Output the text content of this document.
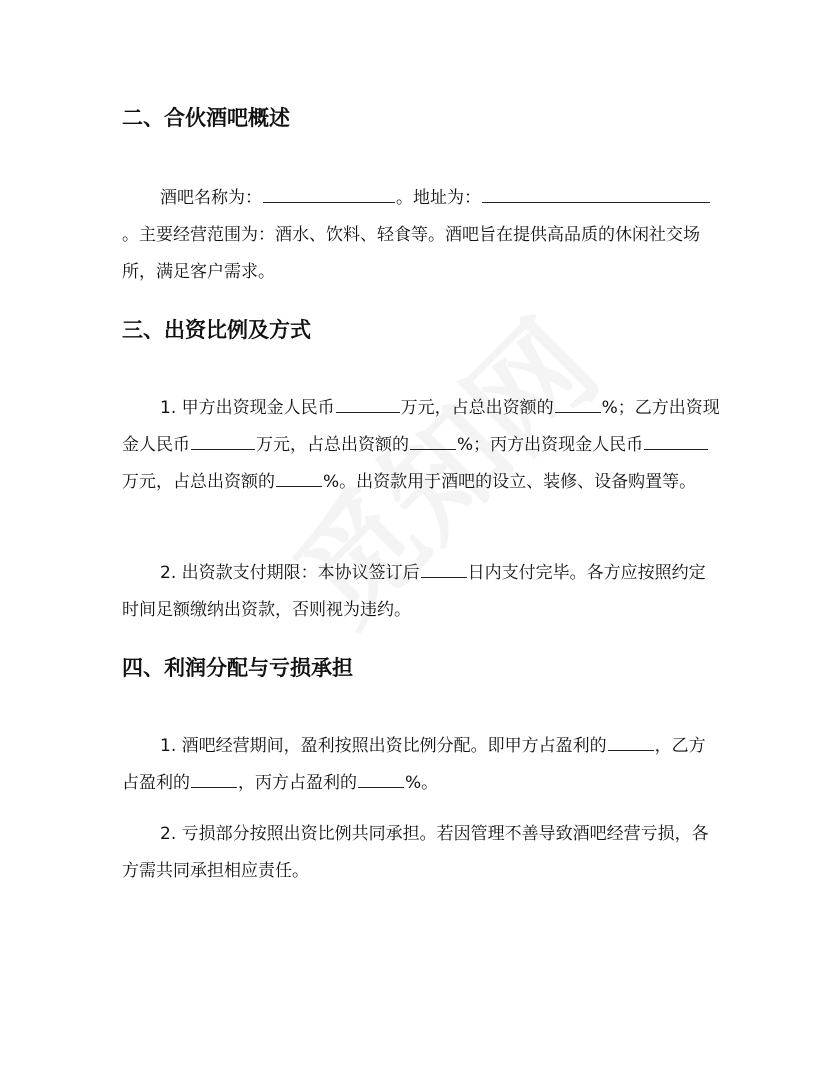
二、合伙酒吧概述

酒吧名称为：	。地址为：。主要经营范围为：酒水、饮料、轻食等。酒吧旨在提供高品质的休闲社交场所，满足客户需求。

三、出资比例及方式

1. 甲方出资现金人民币	万元，占总出资额的	%；乙方出资现金人民币	万元，占总出资额的	%；丙方出资现金人民币万元，占总出资额的	%。出资款用于酒吧的设立、装修、设备购置等。

2. 出资款支付期限：本协议签订后	日内支付完毕。各方应按照约定时间足额缴纳出资款，否则视为违约。

四、利润分配与亏损承担

1. 酒吧经营期间，盈利按照出资比例分配。即甲方占盈利的	，乙方占盈利的	，丙方占盈利的	%。

2. 亏损部分按照出资比例共同承担。若因管理不善导致酒吧经营亏损，各方需共同承担相应责任。
